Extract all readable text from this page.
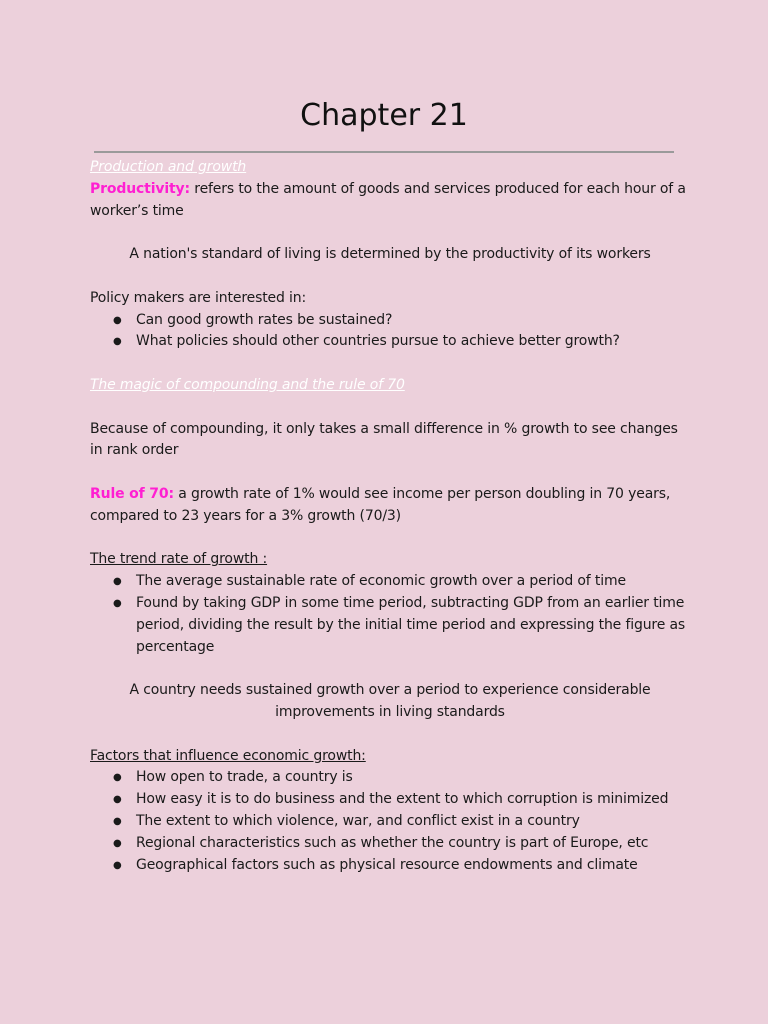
Chapter 21

Production and growth

Productivity: refers to the amount of goods and services produced for each hour of a worker’s time

A nation's standard of living is determined by the productivity of its workers

Policy makers are interested in:

● Can good growth rates be sustained?
● What policies should other countries pursue to achieve better growth?

The magic of compounding and the rule of 70

Because of compounding, it only takes a small difference in % growth to see changes in rank order

Rule of 70: a growth rate of 1% would see income per person doubling in 70 years, compared to 23 years for a 3% growth (70/3)

The trend rate of growth :

● The average sustainable rate of economic growth over a period of time
● Found by taking GDP in some time period, subtracting GDP from an earlier time period, dividing the result by the initial time period and expressing the figure as percentage

A country needs sustained growth over a period to experience considerable improvements in living standards

Factors that influence economic growth:

● How open to trade, a country is
● How easy it is to do business and the extent to which corruption is minimized
● The extent to which violence, war, and conflict exist in a country
● Regional characteristics such as whether the country is part of Europe, etc
● Geographical factors such as physical resource endowments and climate
